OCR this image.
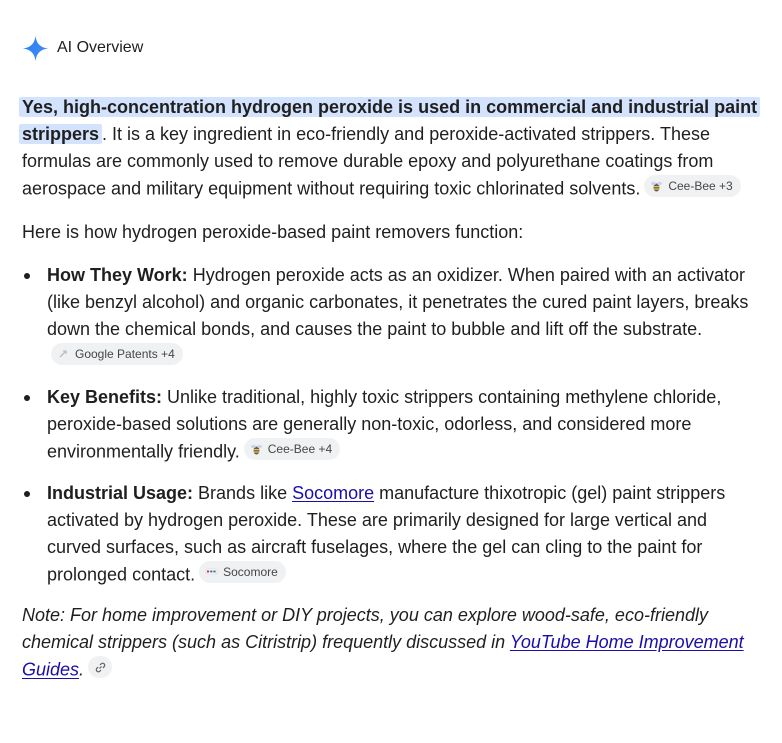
AI Overview

Yes, high-concentration hydrogen peroxide is used in commercial and industrial paint strippers . It is a key ingredient in eco-friendly and peroxide-activated strippers. These formulas are commonly used to remove durable epoxy and polyurethane coatings from aerospace and military equipment without requiring toxic chlorinated solvents. Cee-Bee +3

Here is how hydrogen peroxide-based paint removers function:

How They Work: Hydrogen peroxide acts as an oxidizer. When paired with an activator (like benzyl alcohol) and organic carbonates, it penetrates the cured paint layers, breaks down the chemical bonds, and causes the paint to bubble and lift off the substrate.
Google Patents +4
Key Benefits: Unlike traditional, highly toxic strippers containing methylene chloride, peroxide-based solutions are generally non-toxic, odorless, and considered more environmentally friendly. Cee-Bee +4
Industrial Usage: Brands like Socomore manufacture thixotropic (gel) paint strippers activated by hydrogen peroxide. These are primarily designed for large vertical and curved surfaces, such as aircraft fuselages, where the gel can cling to the paint for prolonged contact. Socomore

Note: For home improvement or DIY projects, you can explore wood-safe, eco-friendly chemical strippers (such as Citristrip) frequently discussed in YouTube Home Improvement Guides.
